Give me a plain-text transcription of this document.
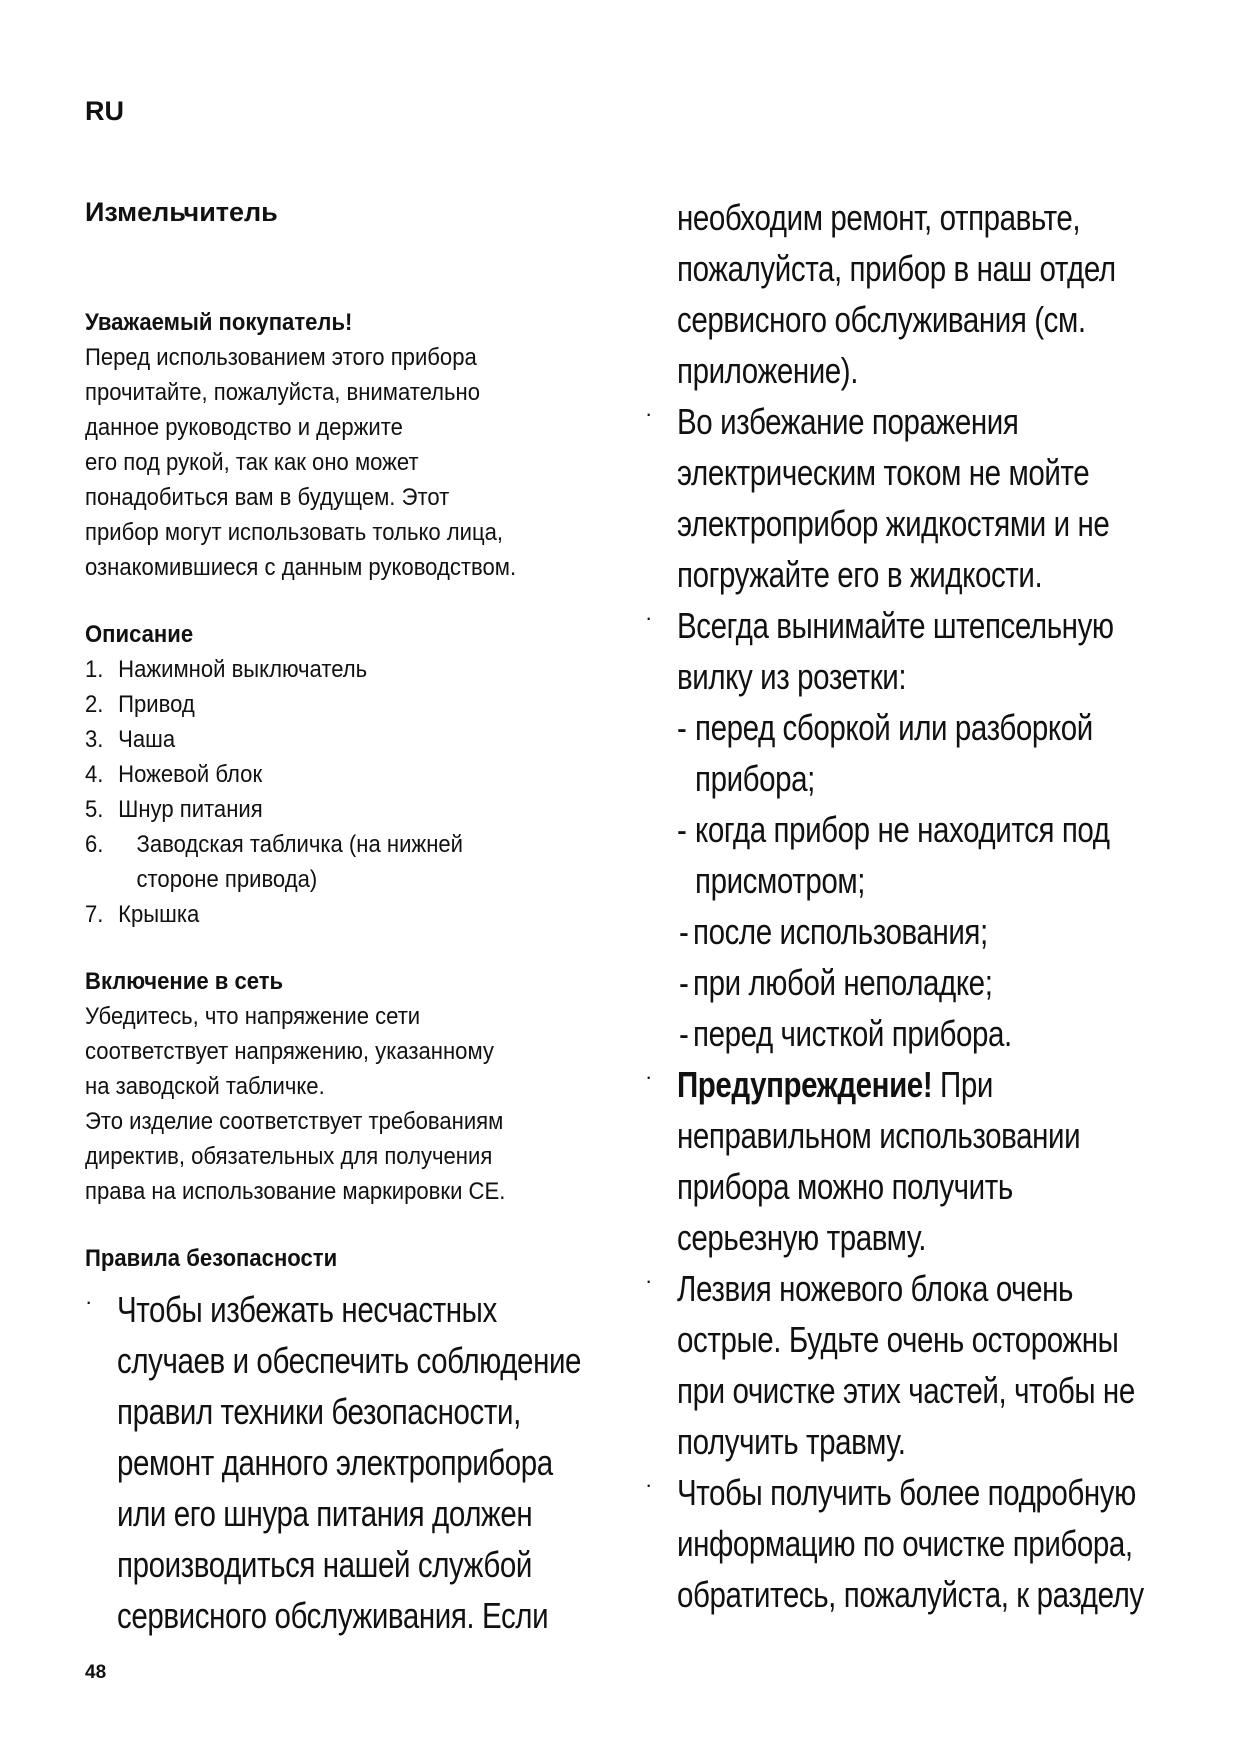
RU
Измельчитель

Уважаемый покупатель!

Перед использованием этого прибора

прочитайте, пожалуйста, внимательно

данное руководство и держите

его под рукой, так как оно может

понадобиться вам в будущем. Этот

прибор могут использовать только лица,

ознакомившиеся с данным руководством.

Описание

1. Нажимной выключатель
2. Привод
3. Чаша
4. Ножевой блок
5. Шнур питания
6. Заводская табличка (на нижней
стороне привода)
7. Крышка

Включение в сеть

Убедитесь, что напряжение сети

соответствует напряжению, указанному

на заводской табличке.

Это изделие соответствует требованиям

директив, обязательных для получения

права на использование маркировки CE.

Правила безопасности

· Чтобы избежать несчастных
случаев и обеспечить соблюдение
правил техники безопасности,
ремонт данного электроприбора
или его шнура питания должен
производиться нашей службой
сервисного обслуживания. Если
необходим ремонт, отправьте,
пожалуйста, прибор в наш отдел
сервисного обслуживания (см.
приложение).
· Во избежание поражения
электрическим током не мойте
электроприбор жидкостями и не
погружайте его в жидкости.
· Всегда вынимайте штепсельную
вилку из розетки:
- перед сборкой или разборкой
прибора;
- когда прибор не находится под
присмотром;
- после использования;
- при любой неполадке;
- перед чисткой прибора.
· Предупреждение! При
неправильном использовании
прибора можно получить
серьезную травму.
· Лезвия ножевого блока очень
острые. Будьте очень осторожны
при очистке этих частей, чтобы не
получить травму.
· Чтобы получить более подробную
информацию по очистке прибора,
обратитесь, пожалуйста, к разделу
48
